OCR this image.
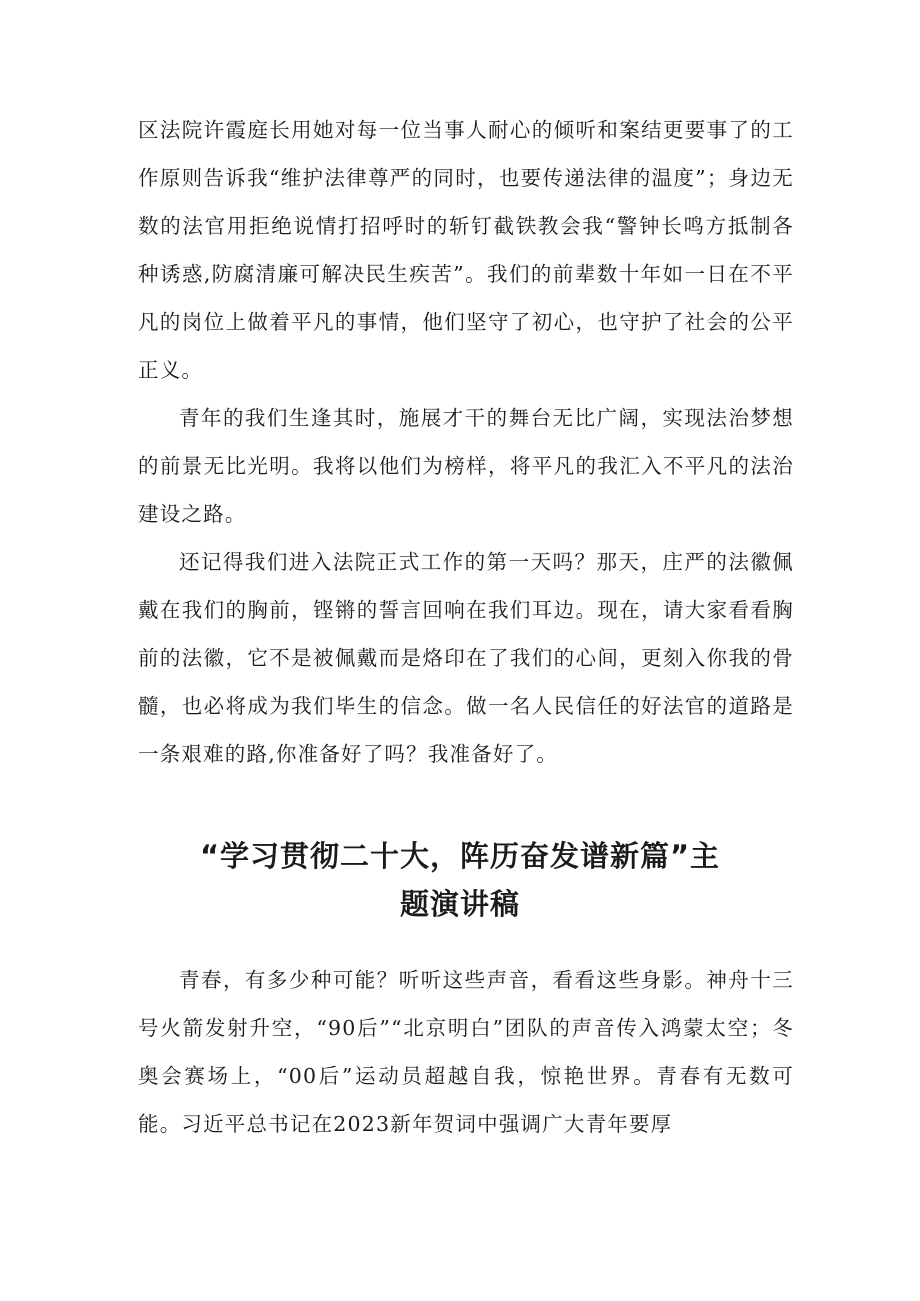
区法院许霞庭长用她对每一位当事人耐心的倾听和案结更要事了的工作原则告诉我“维护法律尊严的同时，也要传递法律的温度”；身边无数的法官用拒绝说情打招呼时的斩钉截铁教会我“警钟长鸣方抵制各种诱惑,防腐清廉可解决民生疾苦”。我们的前辈数十年如一日在不平凡的岗位上做着平凡的事情，他们坚守了初心，也守护了社会的公平正义。

青年的我们生逢其时，施展才干的舞台无比广阔，实现法治梦想的前景无比光明。我将以他们为榜样，将平凡的我汇入不平凡的法治建设之路。

还记得我们进入法院正式工作的第一天吗？那天，庄严的法徽佩戴在我们的胸前，铿锵的誓言回响在我们耳边。现在，请大家看看胸前的法徽，它不是被佩戴而是烙印在了我们的心间，更刻入你我的骨髓，也必将成为我们毕生的信念。做一名人民信任的好法官的道路是一条艰难的路,你准备好了吗？我准备好了。

“学习贯彻二十大，阵历奋发谱新篇”主
题演讲稿

青春，有多少种可能？听听这些声音，看看这些身影。神舟十三号火箭发射升空，“90后”“北京明白”团队的声音传入鸿蒙太空；冬奥会赛场上，“00后”运动员超越自我，惊艳世界。青春有无数可能。习近平总书记在2023新年贺词中强调广大青年要厚
